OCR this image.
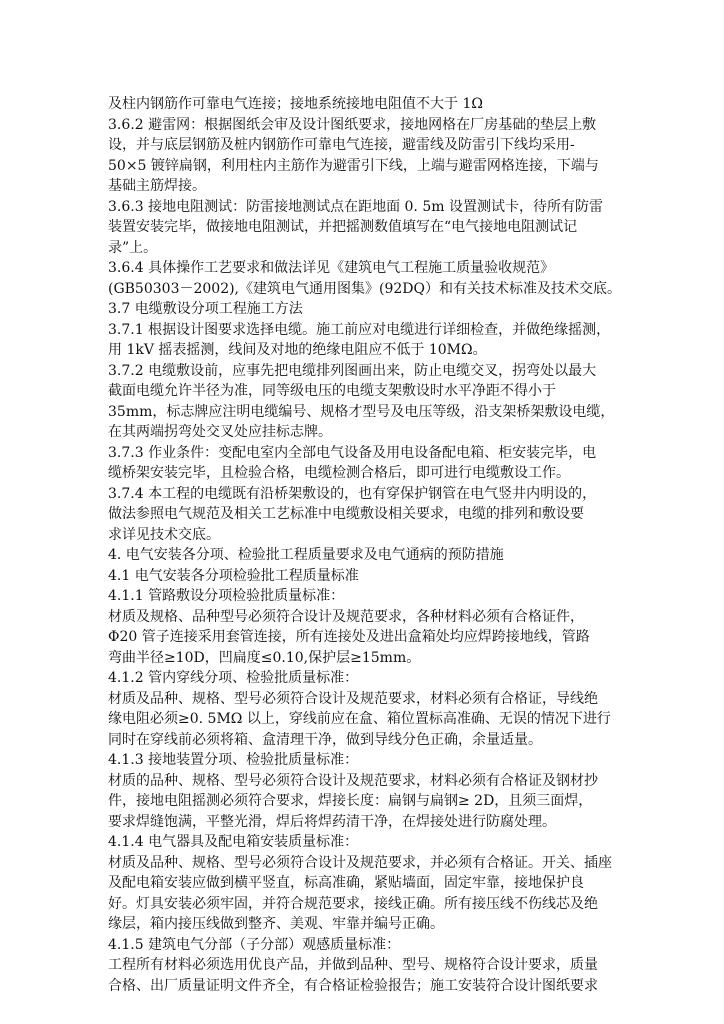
及柱内钢筋作可靠电气连接；接地系统接地电阻值不大于 1Ω
3.6.2 避雷网：根据图纸会审及设计图纸要求，接地网格在厂房基础的垫层上敷
设，并与底层钢筋及桩内钢筋作可靠电气连接，避雷线及防雷引下线均采用-
50×5 镀锌扁钢，利用柱内主筋作为避雷引下线，上端与避雷网格连接，下端与
基础主筋焊接。
3.6.3 接地电阻测试：防雷接地测试点在距地面 0. 5m 设置测试卡，待所有防雷
装置安装完毕，做接地电阻测试，并把摇测数值填写在“电气接地电阻测试记
录”上。
3.6.4 具体操作工艺要求和做法详见《建筑电气工程施工质量验收规范》
(GB50303－2002),《建筑电气通用图集》(92DQ）和有关技术标准及技术交底。
3.7 电缆敷设分项工程施工方法
3.7.1 根据设计图要求选择电缆。施工前应对电缆进行详细检查，并做绝缘摇测，
用 1kV 摇表摇测，线间及对地的绝缘电阻应不低于 10MΩ。
3.7.2 电缆敷设前，应事先把电缆排列图画出来，防止电缆交叉，拐弯处以最大
截面电缆允许半径为准，同等级电压的电缆支架敷设时水平净距不得小于
35mm，标志牌应注明电缆编号、规格才型号及电压等级，沿支架桥架敷设电缆，
在其两端拐弯处交叉处应挂标志牌。
3.7.3 作业条件：变配电室内全部电气设备及用电设备配电箱、柜安装完毕，电
缆桥架安装完毕，且检验合格，电缆检测合格后，即可进行电缆敷设工作。
3.7.4 本工程的电缆既有沿桥架敷设的，也有穿保护钢管在电气竖井内明设的，
做法参照电气规范及相关工艺标准中电缆敷设相关要求，电缆的排列和敷设要
求详见技术交底。
4. 电气安装各分项、检验批工程质量要求及电气通病的预防措施
4.1 电气安装各分项检验批工程质量标准
4.1.1 管路敷设分项检验批质量标准：
材质及规格、品种型号必须符合设计及规范要求，各种材料必须有合格证件，
Φ20 管子连接采用套管连接，所有连接处及进出盒箱处均应焊跨接地线，管路
弯曲半径≥10D，凹扁度≤0.10,保护层≥15mm。
4.1.2 管内穿线分项、检验批质量标准：
材质及品种、规格、型号必须符合设计及规范要求，材料必须有合格证，导线绝
缘电阻必须≥0. 5MΩ 以上，穿线前应在盒、箱位置标高准确、无误的情况下进行
同时在穿线前必须将箱、盒清理干净，做到导线分色正确，余量适量。
4.1.3 接地装置分项、检验批质量标准：
材质的品种、规格、型号必须符合设计及规范要求，材料必须有合格证及钢材抄
件，接地电阻摇测必须符合要求，焊接长度：扁钢与扁钢≥ 2D，且须三面焊，
要求焊缝饱满，平整光滑，焊后将焊药清干净，在焊接处进行防腐处理。
4.1.4 电气器具及配电箱安装质量标准：
材质及品种、规格、型号必须符合设计及规范要求，并必须有合格证。开关、插座
及配电箱安装应做到横平竖直，标高准确，紧贴墙面，固定牢靠，接地保护良
好。灯具安装必须牢固，并符合规范要求，接线正确。所有接压线不伤线芯及绝
缘层，箱内接压线做到整齐、美观、牢靠并编号正确。
4.1.5 建筑电气分部（子分部）观感质量标准：
工程所有材料必须选用优良产品，并做到品种、型号、规格符合设计要求，质量
合格、出厂质量证明文件齐全，有合格证检验报告；施工安装符合设计图纸要求
